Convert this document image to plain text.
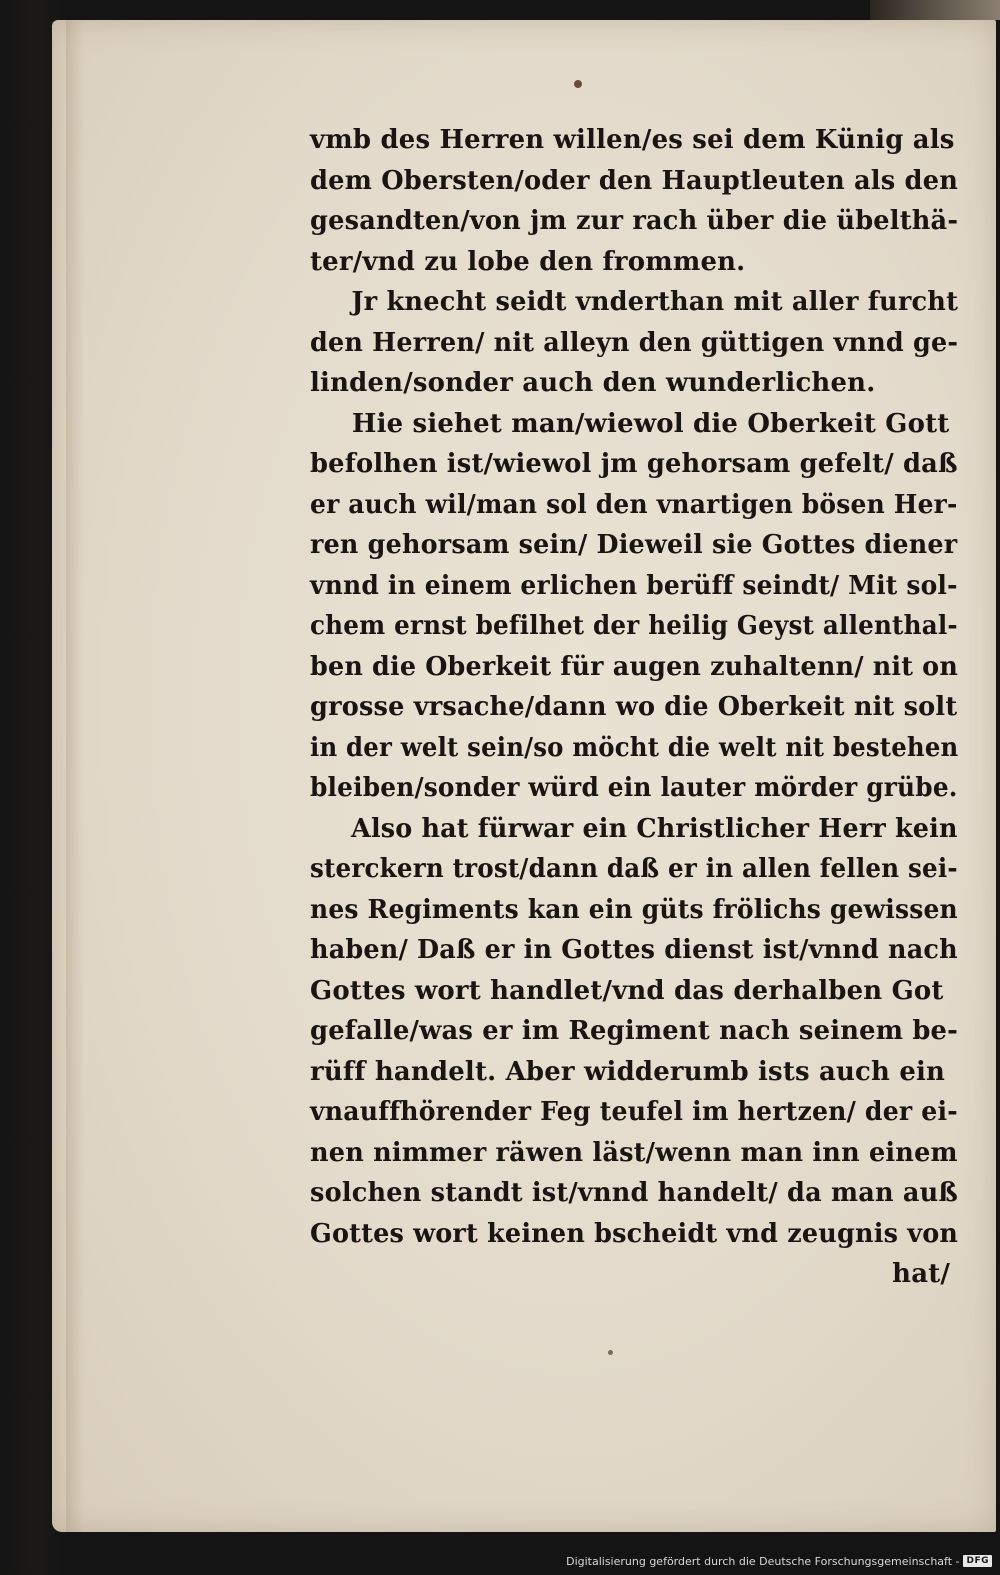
vmb des Herren willen/es sei dem Künig als
dem Obersten/oder den Hauptleuten als den
gesandten/von jm zur rach über die übelthä-
ter/vnd zu lobe den frommen.
Jr knecht seidt vnderthan mit aller furcht
den Herren/ nit alleyn den güttigen vnnd ge-
linden/sonder auch den wunderlichen.
Hie siehet man/wiewol die Oberkeit Gott
befolhen ist/wiewol jm gehorsam gefelt/ daß
er auch wil/man sol den vnartigen bösen Her-
ren gehorsam sein/ Dieweil sie Gottes diener
vnnd in einem erlichen berüff seindt/ Mit sol-
chem ernst befilhet der heilig Geyst allenthal-
ben die Oberkeit für augen zuhaltenn/ nit on
grosse vrsache/dann wo die Oberkeit nit solt
in der welt sein/so möcht die welt nit bestehen
bleiben/sonder würd ein lauter mörder grübe.
Also hat fürwar ein Christlicher Herr kein
sterckern trost/dann daß er in allen fellen sei-
nes Regiments kan ein güts frölichs gewissen
haben/ Daß er in Gottes dienst ist/vnnd nach
Gottes wort handlet/vnd das derhalben Got
gefalle/was er im Regiment nach seinem be-
rüff handelt. Aber widderumb ists auch ein
vnauffhörender Feg teufel im hertzen/ der ei-
nen nimmer räwen läst/wenn man inn einem
solchen standt ist/vnnd handelt/ da man auß
Gottes wort keinen bscheidt vnd zeugnis von
hat/
Digitalisierung gefördert durch die Deutsche Forschungsgemeinschaft - DFG
